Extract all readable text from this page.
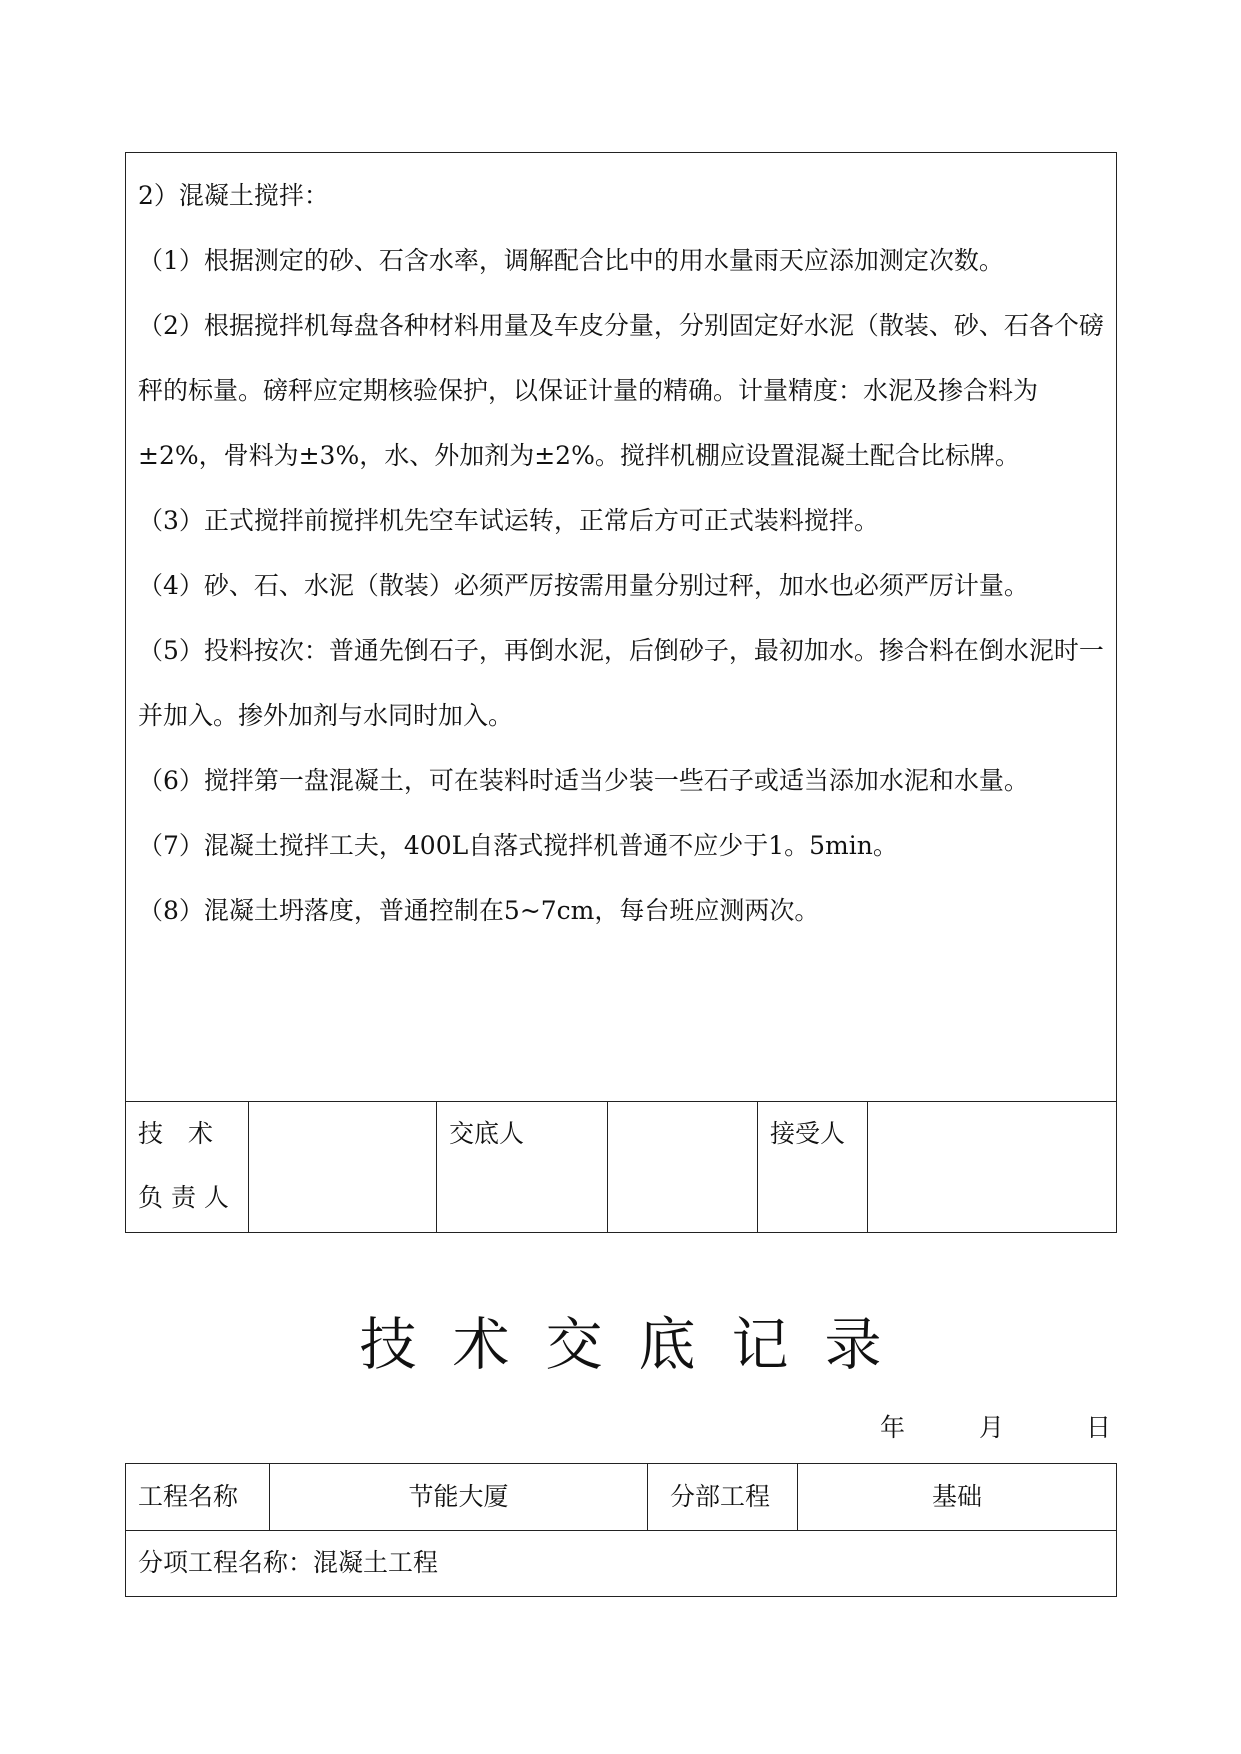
2）混凝土搅拌：

（1）根据测定的砂、石含水率，调解配合比中的用水量雨天应添加测定次数。

（2）根据搅拌机每盘各种材料用量及车皮分量，分别固定好水泥（散装、砂、石各个磅秤的标量。磅秤应定期核验保护，以保证计量的精确。计量精度：水泥及掺合料为±2%，骨料为±3%，水、外加剂为±2%。搅拌机棚应设置混凝土配合比标牌。

（3）正式搅拌前搅拌机先空车试运转，正常后方可正式装料搅拌。

（4）砂、石、水泥（散装）必须严厉按需用量分别过秤，加水也必须严厉计量。

（5）投料按次：普通先倒石子，再倒水泥，后倒砂子，最初加水。掺合料在倒水泥时一并加入。掺外加剂与水同时加入。

（6）搅拌第一盘混凝土，可在装料时适当少装一些石子或适当添加水泥和水量。

（7）混凝土搅拌工夫，400L自落式搅拌机普通不应少于1。5min。

（8）混凝土坍落度，普通控制在5~7cm，每台班应测两次。

技　术
负 责 人
交底人	接受人
技术交底记录
年	月	日
工程名称	节能大厦	分部工程	基础
分项工程名称：混凝土工程
